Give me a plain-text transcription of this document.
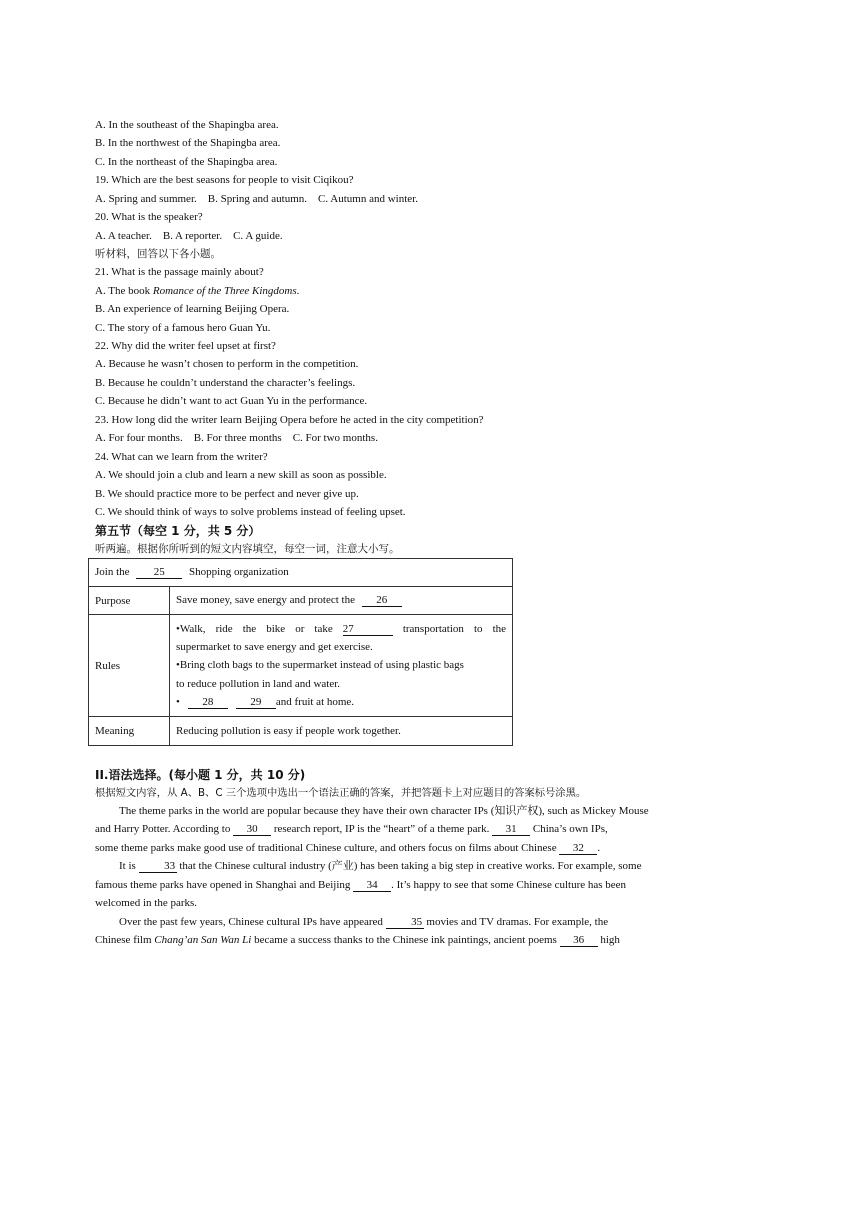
A. In the southeast of the Shapingba area.
B. In the northwest of the Shapingba area.
C. In the northeast of the Shapingba area.
19. Which are the best seasons for people to visit Ciqikou?
A. Spring and summer.    B. Spring and autumn.    C. Autumn and winter.
20. What is the speaker?
A. A teacher.    B. A reporter.    C. A guide.
听材料，回答以下各小题。
21. What is the passage mainly about?
A. The book Romance of the Three Kingdoms.
B. An experience of learning Beijing Opera.
C. The story of a famous hero Guan Yu.
22. Why did the writer feel upset at first?
A. Because he wasn’t chosen to perform in the competition.
B. Because he couldn’t understand the character’s feelings.
C. Because he didn’t want to act Guan Yu in the performance.
23. How long did the writer learn Beijing Opera before he acted in the city competition?
A. For four months.    B. For three months    C. For two months.
24. What can we learn from the writer?
A. We should join a club and learn a new skill as soon as possible.
B. We should practice more to be perfect and never give up.
C. We should think of ways to solve problems instead of feeling upset.
第五节（每空 1 分，共 5 分）
听两遍。根据你所听到的短文内容填空，每空一词，注意大小写。
Join the 25 Shopping organization	
Purpose	Save money, save energy and protect the 26
Rules	•Walk, ride the bike or take 27 transportation to the
supermarket to save energy and get exercise.
•Bring cloth bags to the supermarket instead of using plastic bags
to reduce pollution in land and water.
• 28 29 and fruit at home.

Meaning	Reducing pollution is easy if people work together.
II.语法选择。(每小题 1 分，共 10 分)
根据短文内容，从 A、B、C 三个选项中选出一个语法正确的答案，并把答题卡上对应题目的答案标号涂黑。
The theme parks in the world are popular because they have their own character IPs (知识产权), such as Mickey Mouse
and Harry Potter. According to 30 research report, IP is the “heart” of a theme park. 31 China’s own IPs,
some theme parks make good use of traditional Chinese culture, and others focus on films about Chinese 32 .
It is	33 that the Chinese cultural industry (产业) has been taking a big step in creative works. For example, some
famous theme parks have opened in Shanghai and Beijing 34 . It’s happy to see that some Chinese culture has been
welcomed in the parks.
Over the past few years, Chinese cultural IPs have appeared	35 movies and TV dramas. For example, the
Chinese film Chang’an San Wan Li became a success thanks to the Chinese ink paintings, ancient poems 36 high
